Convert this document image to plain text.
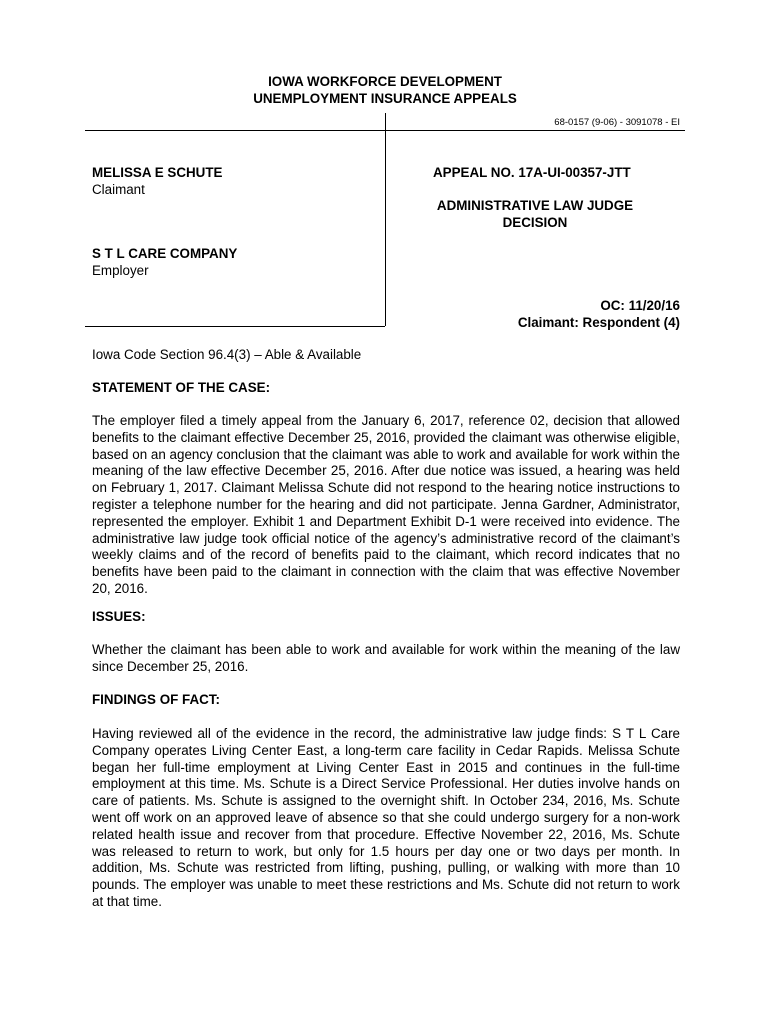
IOWA WORKFORCE DEVELOPMENT
UNEMPLOYMENT INSURANCE APPEALS
68-0157 (9-06) - 3091078 - EI
MELISSA E SCHUTE
Claimant
S T L CARE COMPANY
Employer
APPEAL NO. 17A-UI-00357-JTT
ADMINISTRATIVE LAW JUDGE
DECISION
OC: 11/20/16
Claimant: Respondent (4)
Iowa Code Section 96.4(3) – Able & Available

STATEMENT OF THE CASE:

The employer filed a timely appeal from the January 6, 2017, reference 02, decision that allowed benefits to the claimant effective December 25, 2016, provided the claimant was otherwise eligible, based on an agency conclusion that the claimant was able to work and available for work within the meaning of the law effective December 25, 2016. After due notice was issued, a hearing was held on February 1, 2017. Claimant Melissa Schute did not respond to the hearing notice instructions to register a telephone number for the hearing and did not participate. Jenna Gardner, Administrator, represented the employer. Exhibit 1 and Department Exhibit D-1 were received into evidence. The administrative law judge took official notice of the agency’s administrative record of the claimant’s weekly claims and of the record of benefits paid to the claimant, which record indicates that no benefits have been paid to the claimant in connection with the claim that was effective November 20, 2016.

ISSUES:

Whether the claimant has been able to work and available for work within the meaning of the law since December 25, 2016.

FINDINGS OF FACT:

Having reviewed all of the evidence in the record, the administrative law judge finds: S T L Care Company operates Living Center East, a long-term care facility in Cedar Rapids. Melissa Schute began her full-time employment at Living Center East in 2015 and continues in the full-time employment at this time. Ms. Schute is a Direct Service Professional. Her duties involve hands on care of patients. Ms. Schute is assigned to the overnight shift. In October 234, 2016, Ms. Schute went off work on an approved leave of absence so that she could undergo surgery for a non-work related health issue and recover from that procedure. Effective November 22, 2016, Ms. Schute was released to return to work, but only for 1.5 hours per day one or two days per month. In addition, Ms. Schute was restricted from lifting, pushing, pulling, or walking with more than 10 pounds. The employer was unable to meet these restrictions and Ms. Schute did not return to work at that time.
